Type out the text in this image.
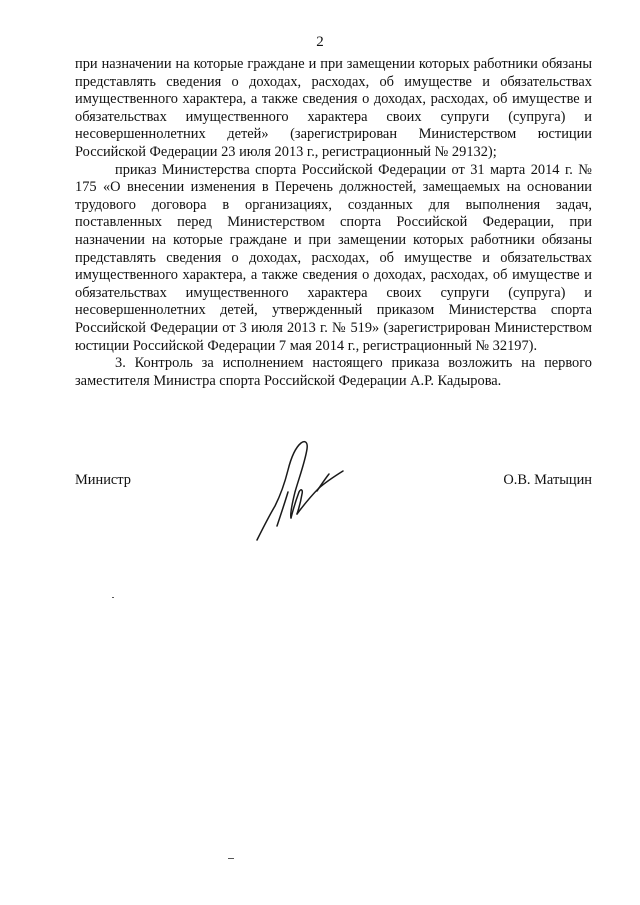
2

при назначении на которые граждане и при замещении которых работники обязаны представлять сведения о доходах, расходах, об имуществе и обязательствах имущественного характера, а также сведения о доходах, расходах, об имуществе и обязательствах имущественного характера своих супруги (супруга) и несовершеннолетних детей» (зарегистрирован Министерством юстиции Российской Федерации 23 июля 2013 г., регистрационный № 29132);

приказ Министерства спорта Российской Федерации от 31 марта 2014 г. № 175 «О внесении изменения в Перечень должностей, замещаемых на основании трудового договора в организациях, созданных для выполнения задач, поставленных перед Министерством спорта Российской Федерации, при назначении на которые граждане и при замещении которых работники обязаны представлять сведения о доходах, расходах, об имуществе и обязательствах имущественного характера, а также сведения о доходах, расходах, об имуществе и обязательствах имущественного характера своих супруги (супруга) и несовершеннолетних детей, утвержденный приказом Министерства спорта Российской Федерации от 3 июля 2013 г. № 519» (зарегистрирован Министерством юстиции Российской Федерации 7 мая 2014 г., регистрационный № 32197).

3. Контроль за исполнением настоящего приказа возложить на первого заместителя Министра спорта Российской Федерации А.Р. Кадырова.

Министр	О.В. Матыцин
